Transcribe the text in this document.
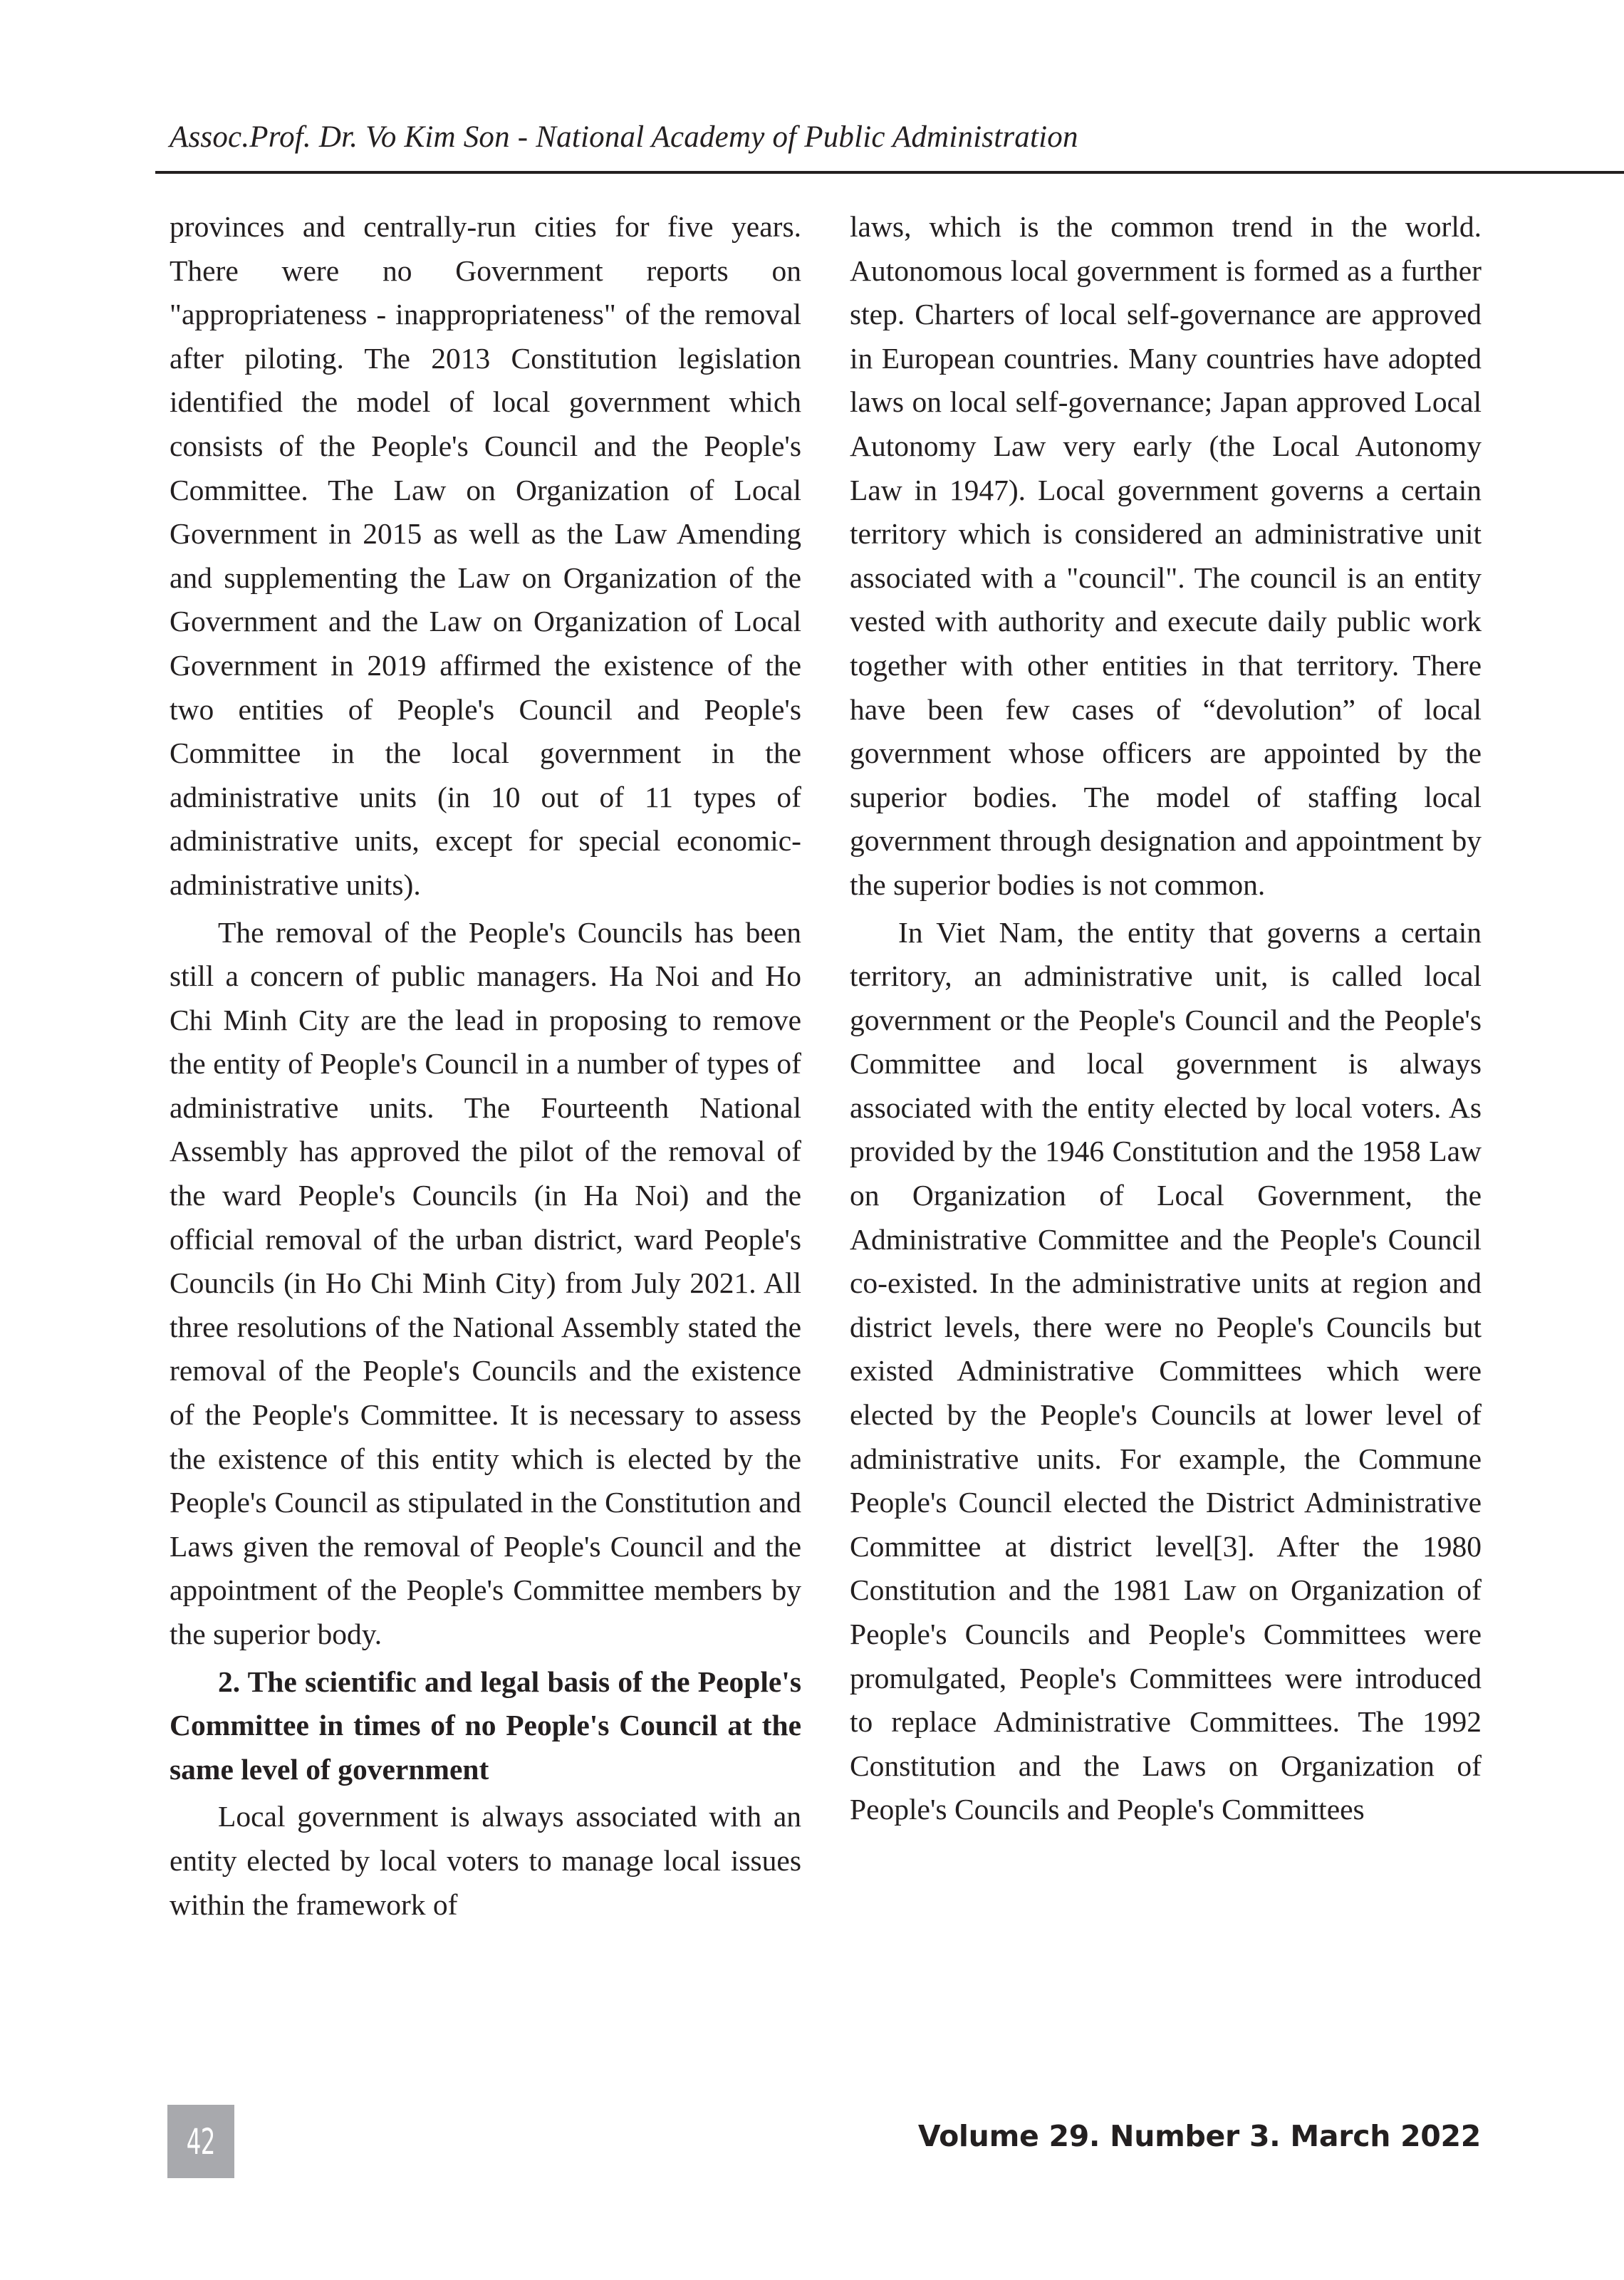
Assoc.Prof. Dr. Vo Kim Son - National Academy of Public Administration

provinces and centrally-run cities for five years. There were no Government reports on "appropriateness - inappropriateness" of the removal after piloting. The 2013 Constitution legislation identified the model of local government which consists of the People's Council and the People's Committee. The Law on Organization of Local Government in 2015 as well as the Law Amending and supplementing the Law on Organization of the Government and the Law on Organization of Local Government in 2019 affirmed the existence of the two entities of People's Council and People's Committee in the local government in the administrative units (in 10 out of 11 types of administrative units, except for special economic- administrative units).

The removal of the People's Councils has been still a concern of public managers. Ha Noi and Ho Chi Minh City are the lead in proposing to remove the entity of People's Council in a number of types of administrative units. The Fourteenth National Assembly has approved the pilot of the removal of the ward People's Councils (in Ha Noi) and the official removal of the urban district, ward People's Councils (in Ho Chi Minh City) from July 2021. All three resolutions of the National Assembly stated the removal of the People's Councils and the existence of the People's Committee. It is necessary to assess the existence of this entity which is elected by the People's Council as stipulated in the Constitution and Laws given the removal of People's Council and the appointment of the People's Committee members by the superior body.

2. The scientific and legal basis of the People's Committee in times of no People's Council at the same level of government

Local government is always associated with an entity elected by local voters to manage local issues within the framework of

laws, which is the common trend in the world. Autonomous local government is formed as a further step. Charters of local self-governance are approved in European countries. Many countries have adopted laws on local self-governance; Japan approved Local Autonomy Law very early (the Local Autonomy Law in 1947). Local government governs a certain territory which is considered an administrative unit associated with a "council". The council is an entity vested with authority and execute daily public work together with other entities in that territory. There have been few cases of “devolution” of local government whose officers are appointed by the superior bodies. The model of staffing local government through designation and appointment by the superior bodies is not common.

In Viet Nam, the entity that governs a certain territory, an administrative unit, is called local government or the People's Council and the People's Committee and local government is always associated with the entity elected by local voters. As provided by the 1946 Constitution and the 1958 Law on Organization of Local Government, the Administrative Committee and the People's Council co-existed. In the administrative units at region and district levels, there were no People's Councils but existed Administrative Committees which were elected by the People's Councils at lower level of administrative units. For example, the Commune People's Council elected the District Administrative Committee at district level[3]. After the 1980 Constitution and the 1981 Law on Organization of People's Councils and People's Committees were promulgated, People's Committees were introduced to replace Administrative Committees. The 1992 Constitution and the Laws on Organization of People's Councils and People's Committees

42	Volume 29. Number 3. March 2022
